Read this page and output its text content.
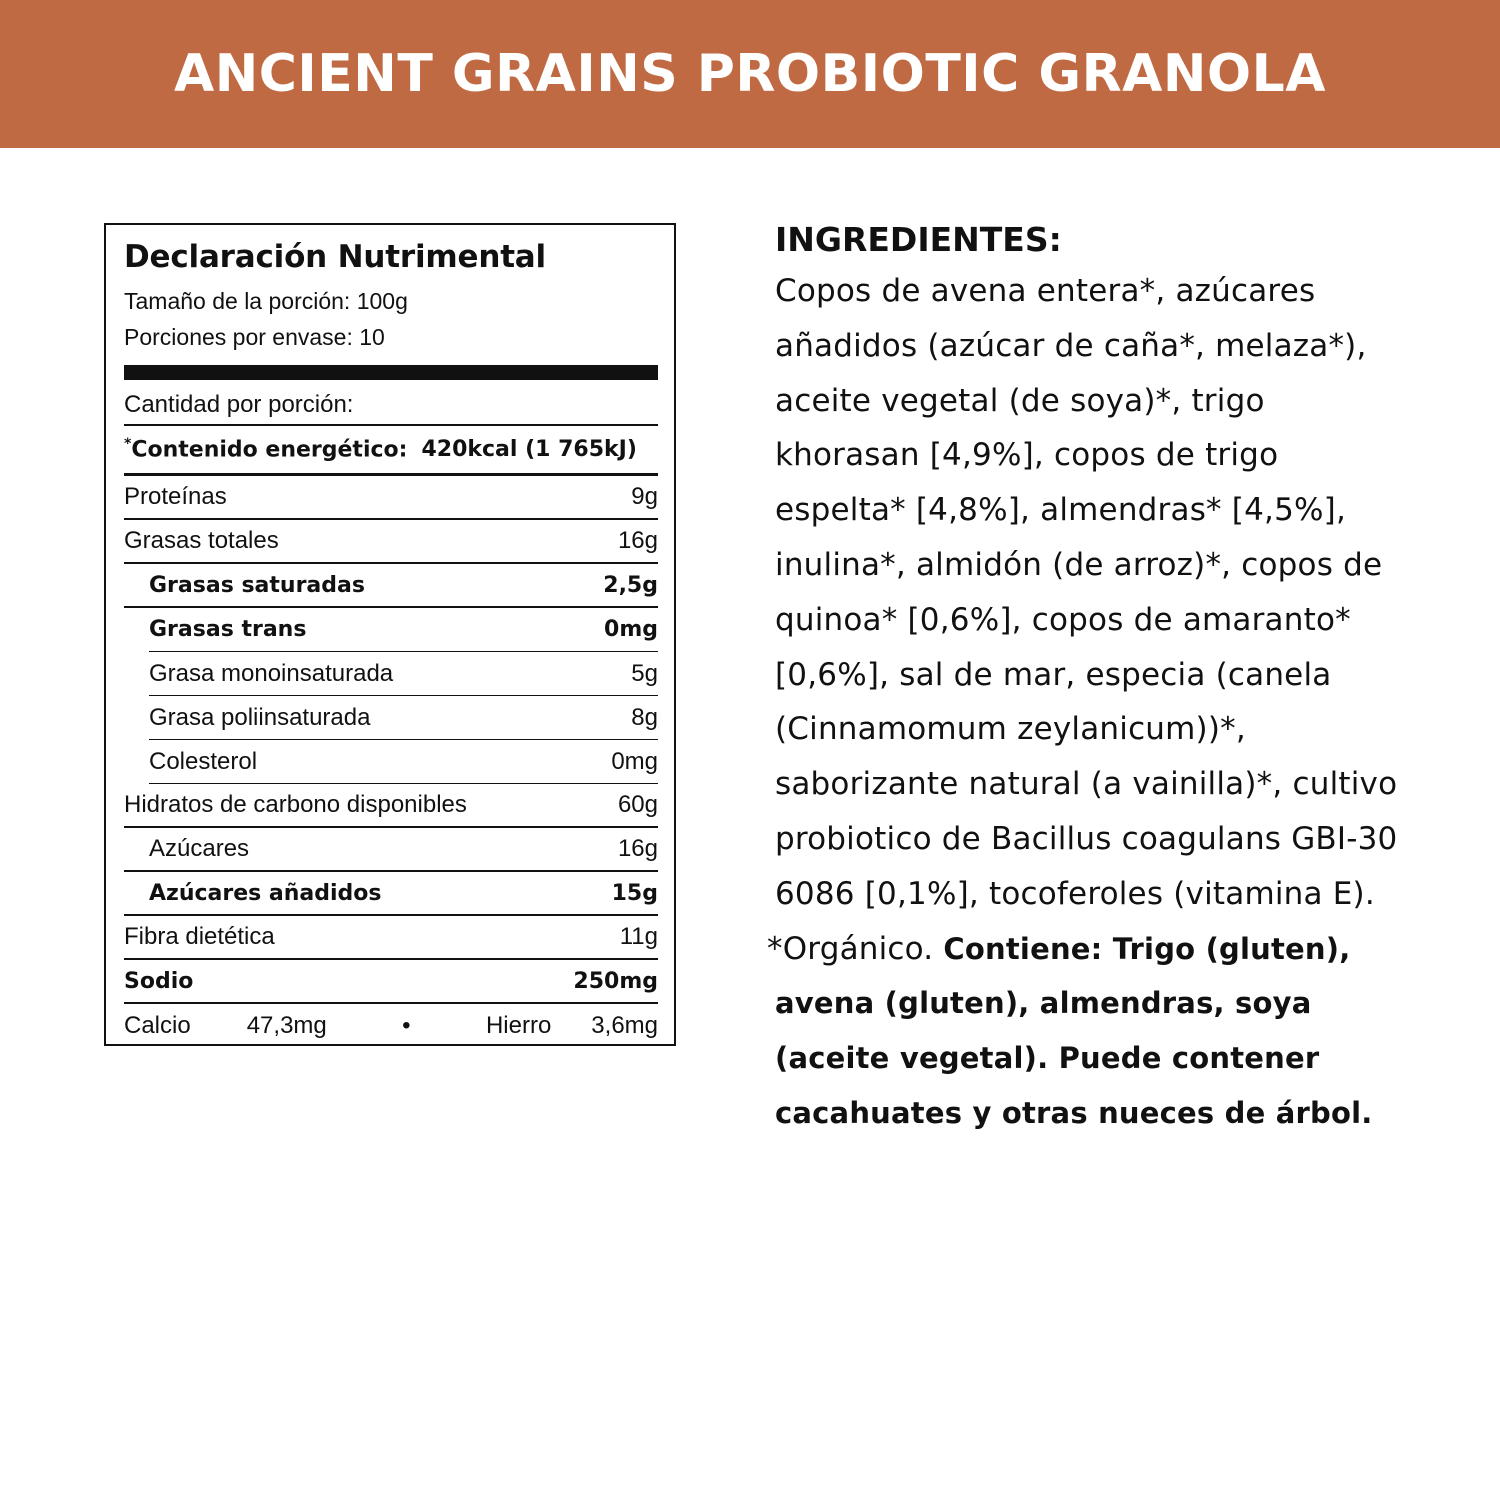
ANCIENT GRAINS PROBIOTIC GRANOLA
Declaración Nutrimental
Tamaño de la porción: 100g
Porciones por envase: 10
Cantidad por porción:
*Contenido energético: 420kcal (1 765kJ)
Proteínas	9g
Grasas totales	16g
Grasas saturadas	2,5g
Grasas trans	0mg
Grasa monoinsaturada	5g
Grasa poliinsaturada	8g
Colesterol	0mg
Hidratos de carbono disponibles	60g
Azúcares	16g
Azúcares añadidos	15g
Fibra dietética	11g
Sodio	250mg
Calcio 47,3mg	•	Hierro 3,6mg

INGREDIENTES:

Copos de avena entera*, azúcares añadidos (azúcar de caña*, melaza*), aceite vegetal (de soya)*, trigo khorasan [4,9%], copos de trigo espelta* [4,8%], almendras* [4,5%], inulina*, almidón (de arroz)*, copos de quinoa* [0,6%], copos de amaranto* [0,6%], sal de mar, especia (canela (Cinnamomum zeylanicum))*, saborizante natural (a vainilla)*, cultivo probiotico de Bacillus coagulans GBI-30 6086 [0,1%], tocoferoles (vitamina E).

*Orgánico. Contiene: Trigo (gluten), avena (gluten), almendras, soya (aceite vegetal). Puede contener cacahuates y otras nueces de árbol.
